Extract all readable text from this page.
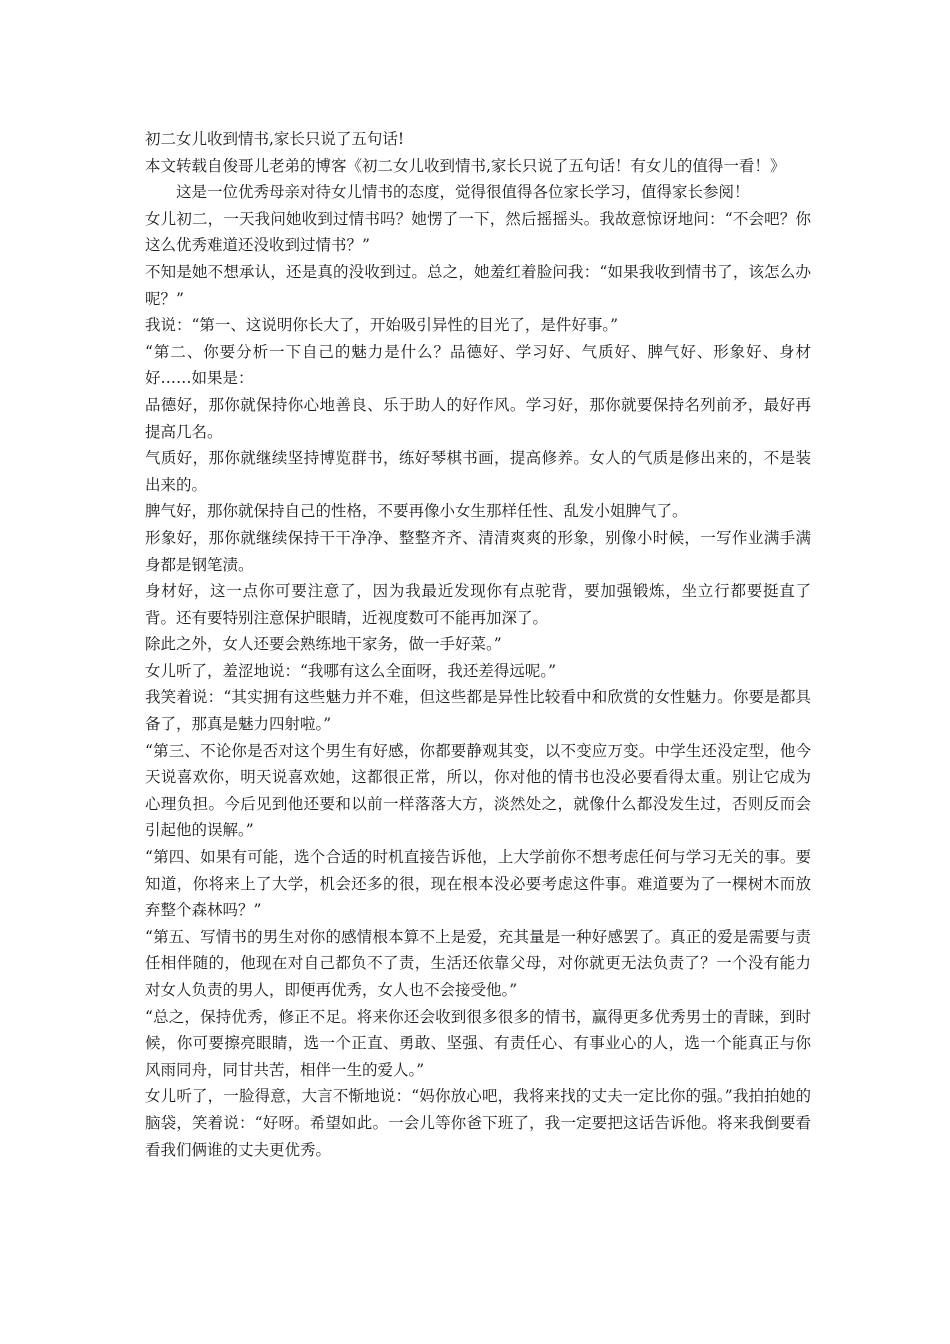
初二女儿收到情书,家长只说了五句话!

本文转载自俊哥儿老弟的博客《初二女儿收到情书,家长只说了五句话！有女儿的值得一看！》

这是一位优秀母亲对待女儿情书的态度，觉得很值得各位家长学习，值得家长参阅！

女儿初二，一天我问她收到过情书吗？她愣了一下，然后摇摇头。我故意惊讶地问：“不会吧？你这么优秀难道还没收到过情书？”

不知是她不想承认，还是真的没收到过。总之，她羞红着脸问我：“如果我收到情书了，该怎么办呢？”

我说：“第一、这说明你长大了，开始吸引异性的目光了，是件好事。”

“第二、你要分析一下自己的魅力是什么？品德好、学习好、气质好、脾气好、形象好、身材好……如果是：

品德好，那你就保持你心地善良、乐于助人的好作风。学习好，那你就要保持名列前矛，最好再提高几名。

气质好，那你就继续坚持博览群书，练好琴棋书画，提高修养。女人的气质是修出来的，不是装出来的。

脾气好，那你就保持自己的性格，不要再像小女生那样任性、乱发小姐脾气了。

形象好，那你就继续保持干干净净、整整齐齐、清清爽爽的形象，别像小时候，一写作业满手满身都是钢笔渍。

身材好，这一点你可要注意了，因为我最近发现你有点驼背，要加强锻炼，坐立行都要挺直了背。还有要特别注意保护眼睛，近视度数可不能再加深了。

除此之外，女人还要会熟练地干家务，做一手好菜。”

女儿听了，羞涩地说：“我哪有这么全面呀，我还差得远呢。”

我笑着说：“其实拥有这些魅力并不难，但这些都是异性比较看中和欣赏的女性魅力。你要是都具备了，那真是魅力四射啦。”

“第三、不论你是否对这个男生有好感，你都要静观其变，以不变应万变。中学生还没定型，他今天说喜欢你，明天说喜欢她，这都很正常，所以，你对他的情书也没必要看得太重。别让它成为心理负担。今后见到他还要和以前一样落落大方，淡然处之，就像什么都没发生过，否则反而会引起他的误解。”

“第四、如果有可能，选个合适的时机直接告诉他，上大学前你不想考虑任何与学习无关的事。要知道，你将来上了大学，机会还多的很，现在根本没必要考虑这件事。难道要为了一棵树木而放弃整个森林吗？”

“第五、写情书的男生对你的感情根本算不上是爱，充其量是一种好感罢了。真正的爱是需要与责任相伴随的，他现在对自己都负不了责，生活还依靠父母，对你就更无法负责了？一个没有能力对女人负责的男人，即便再优秀，女人也不会接受他。”

“总之，保持优秀，修正不足。将来你还会收到很多很多的情书，赢得更多优秀男士的青睐，到时候，你可要擦亮眼睛，选一个正直、勇敢、坚强、有责任心、有事业心的人，选一个能真正与你风雨同舟，同甘共苦，相伴一生的爱人。”

女儿听了，一脸得意，大言不惭地说：“妈你放心吧，我将来找的丈夫一定比你的强。”我拍拍她的脑袋，笑着说：“好呀。希望如此。一会儿等你爸下班了，我一定要把这话告诉他。将来我倒要看看我们俩谁的丈夫更优秀。
